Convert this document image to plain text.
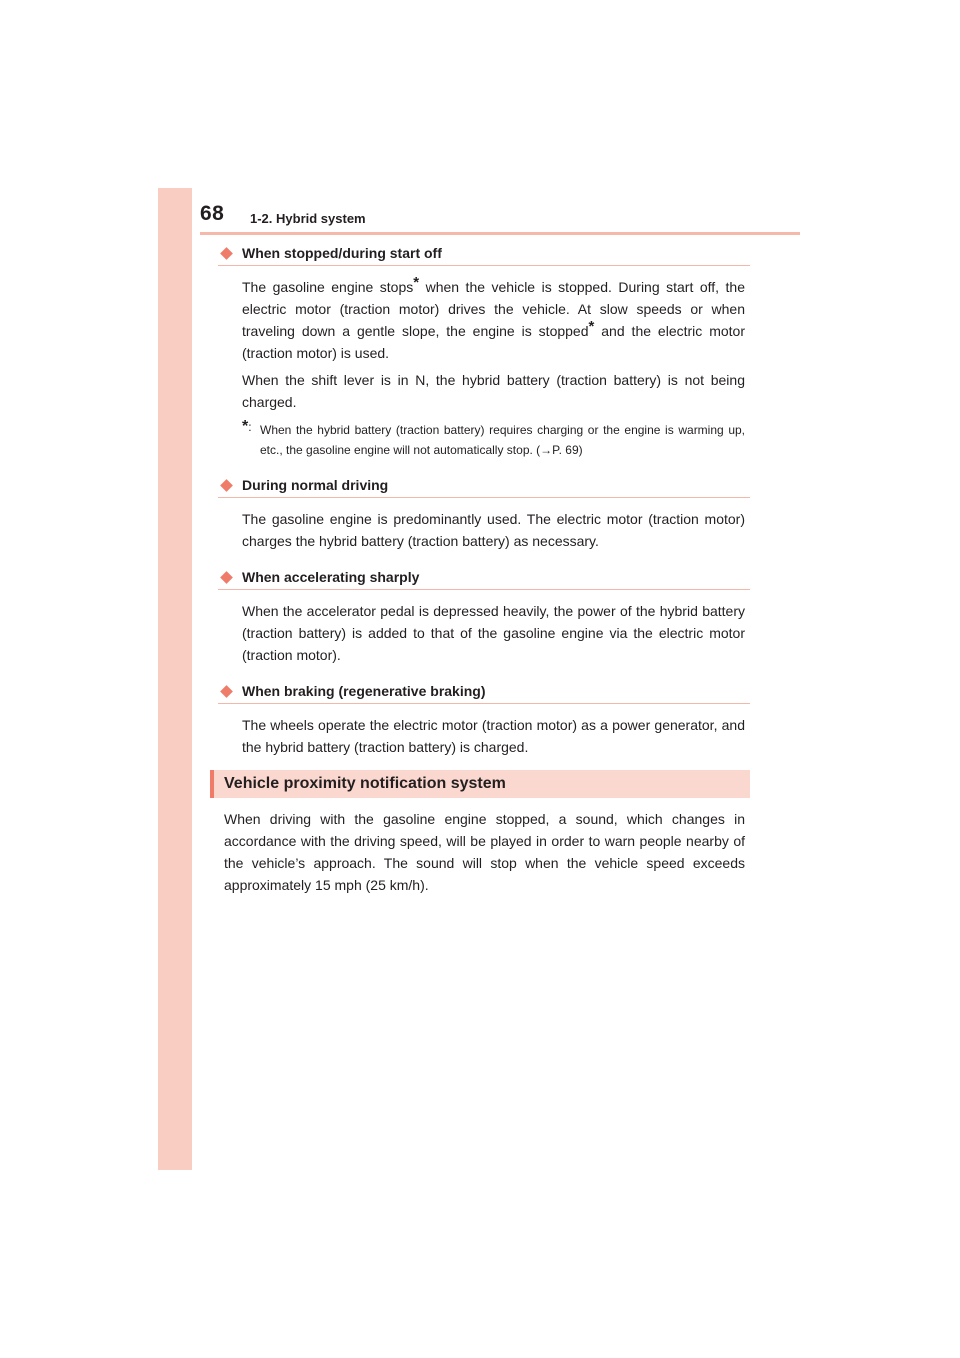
68 1-2. Hybrid system
When stopped/during start off

The gasoline engine stops* when the vehicle is stopped. During start off, the electric motor (traction motor) drives the vehicle. At slow speeds or when traveling down a gentle slope, the engine is stopped* and the electric motor (traction motor) is used.

When the shift lever is in N, the hybrid battery (traction battery) is not being charged.

*: When the hybrid battery (traction battery) requires charging or the engine is warming up, etc., the gasoline engine will not automatically stop. (→P. 69)
During normal driving

The gasoline engine is predominantly used. The electric motor (traction motor) charges the hybrid battery (traction battery) as necessary.

When accelerating sharply

When the accelerator pedal is depressed heavily, the power of the hybrid battery (traction battery) is added to that of the gasoline engine via the electric motor (traction motor).

When braking (regenerative braking)

The wheels operate the electric motor (traction motor) as a power generator, and the hybrid battery (traction battery) is charged.

Vehicle proximity notification system

When driving with the gasoline engine stopped, a sound, which changes in accordance with the driving speed, will be played in order to warn people nearby of the vehicle’s approach. The sound will stop when the vehicle speed exceeds approximately 15 mph (25 km/h).
